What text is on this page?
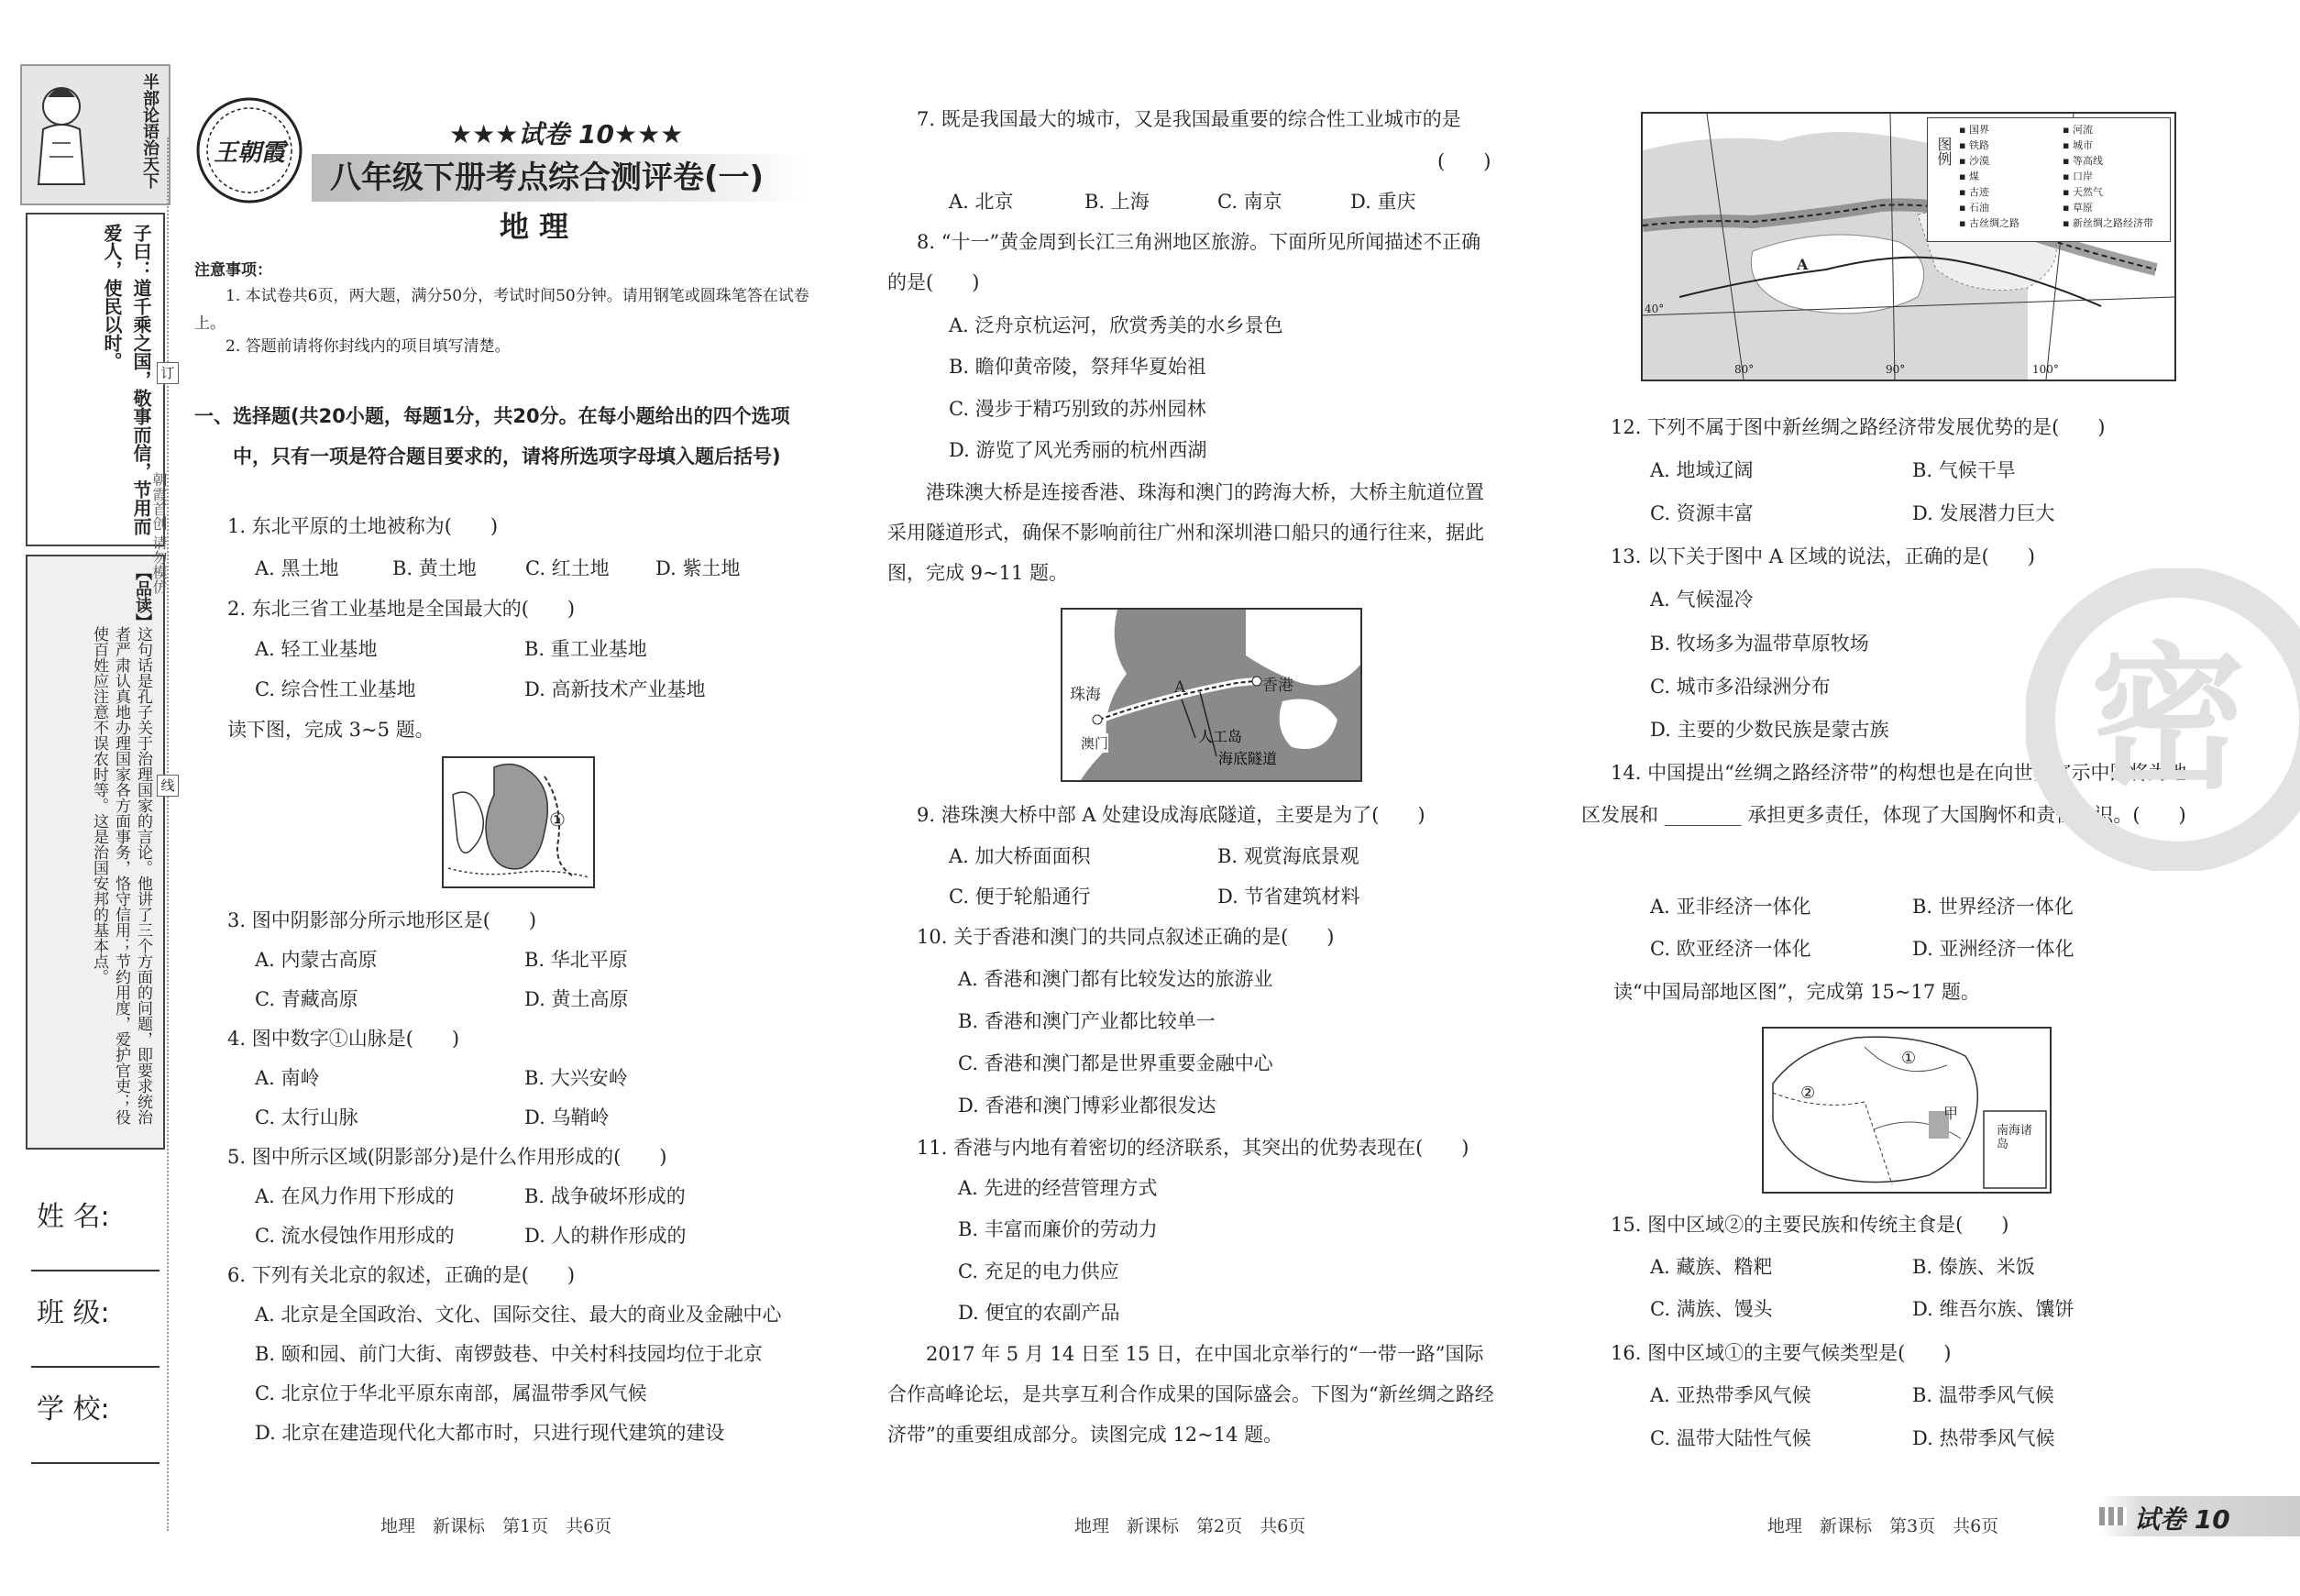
半部论语治天下
子曰：道千乘之国，敬事而信，节用而爱人，使民以时。
【品读】
这句话是孔子关于治理国家的言论。他讲了三个方面的问题，即要求统治者严肃认真地办理国家各方面事务，恪守信用；节约用度，爱护官吏；役使百姓应注意不误农时等。这是治国安邦的基本点。
朝霞首创 请勿模仿
订
线
姓 名:
班 级:
学 校:
王朝霞
★★★试卷 10★★★
八年级下册考点综合测评卷(一)
地 理
注意事项：
1. 本试卷共6页，两大题，满分50分，考试时间50分钟。请用钢笔或圆珠笔答在试卷上。
2. 答题前请将你封线内的项目填写清楚。
一、选择题(共20小题，每题1分，共20分。在每小题给出的四个选项中，只有一项是符合题目要求的，请将所选项字母填入题后括号)
1. 东北平原的土地被称为(　　)
A. 黑土地	B. 黄土地	C. 红土地 D. 紫土地
2. 东北三省工业基地是全国最大的(　　)
A. 轻工业基地	B. 重工业基地
C. 综合性工业基地	D. 高新技术产业基地
读下图，完成 3~5 题。
①
3. 图中阴影部分所示地形区是(　　)
A. 内蒙古高原	B. 华北平原
C. 青藏高原	D. 黄土高原
4. 图中数字①山脉是(　　)
A. 南岭	B. 大兴安岭
C. 太行山脉	D. 乌鞘岭
5. 图中所示区域(阴影部分)是什么作用形成的(　　)
A. 在风力作用下形成的	B. 战争破坏形成的
C. 流水侵蚀作用形成的	D. 人的耕作形成的
6. 下列有关北京的叙述，正确的是(　　)
A. 北京是全国政治、文化、国际交往、最大的商业及金融中心
B. 颐和园、前门大街、南锣鼓巷、中关村科技园均位于北京
C. 北京位于华北平原东南部，属温带季风气候
D. 北京在建造现代化大都市时，只进行现代建筑的建设
地理　新课标　第1页　共6页
7. 既是我国最大的城市，又是我国最重要的综合性工业城市的是
(　　)
A. 北京	B. 上海	C. 南京	D. 重庆
8. “十一”黄金周到长江三角洲地区旅游。下面所见所闻描述不正确的是(　　)
A. 泛舟京杭运河，欣赏秀美的水乡景色
B. 瞻仰黄帝陵，祭拜华夏始祖
C. 漫步于精巧别致的苏州园林
D. 游览了风光秀丽的杭州西湖
港珠澳大桥是连接香港、珠海和澳门的跨海大桥，大桥主航道位置采用隧道形式，确保不影响前往广州和深圳港口船只的通行往来，据此图，完成 9~11 题。
珠海	香港
澳门
A
人工岛
海底隧道
9. 港珠澳大桥中部 A 处建设成海底隧道，主要是为了(　　)
A. 加大桥面面积	B. 观赏海底景观
C. 便于轮船通行	D. 节省建筑材料
10. 关于香港和澳门的共同点叙述正确的是(　　)
A. 香港和澳门都有比较发达的旅游业
B. 香港和澳门产业都比较单一
C. 香港和澳门都是世界重要金融中心
D. 香港和澳门博彩业都很发达
11. 香港与内地有着密切的经济联系，其突出的优势表现在(　　)
A. 先进的经营管理方式
B. 丰富而廉价的劳动力
C. 充足的电力供应
D. 便宜的农副产品
2017 年 5 月 14 日至 15 日，在中国北京举行的“一带一路”国际合作高峰论坛，是共享互利合作成果的国际盛会。下图为“新丝绸之路经济带”的重要组成部分。读图完成 12~14 题。
地理　新课标　第2页　共6页
图例
▪ 国界	▪ 河流▪ 铁路	▪ 城市▪ 沙漠	▪ 等高线▪ 煤	▪ 口岸▪ 古迹	▪ 天然气▪ 石油	▪ 草原▪ 古丝绸之路	▪ 新丝绸之路经济带
40°
80°	90°	100°
A
12. 下列不属于图中新丝绸之路经济带发展优势的是(　　)
A. 地域辽阔	B. 气候干旱
C. 资源丰富	D. 发展潜力巨大
13. 以下关于图中 A 区域的说法，正确的是(　　)
A. 气候湿冷
B. 牧场多为温带草原牧场
C. 城市多沿绿洲分布
D. 主要的少数民族是蒙古族
14. 中国提出“丝绸之路经济带”的构想也是在向世界宣示中国将为地区发展和 ________ 承担更多责任，体现了大国胸怀和责任意识。(　　)
A. 亚非经济一体化	B. 世界经济一体化
C. 欧亚经济一体化	D. 亚洲经济一体化
读“中国局部地区图”，完成第 15~17 题。
①
②
甲
南海诸岛
15. 图中区域②的主要民族和传统主食是(　　)
A. 藏族、糌粑	B. 傣族、米饭
C. 满族、馒头	D. 维吾尔族、馕饼
16. 图中区域①的主要气候类型是(　　)
A. 亚热带季风气候	B. 温带季风气候
C. 温带大陆性气候	D. 热带季风气候
地理　新课标　第3页　共6页
密
试卷 10
